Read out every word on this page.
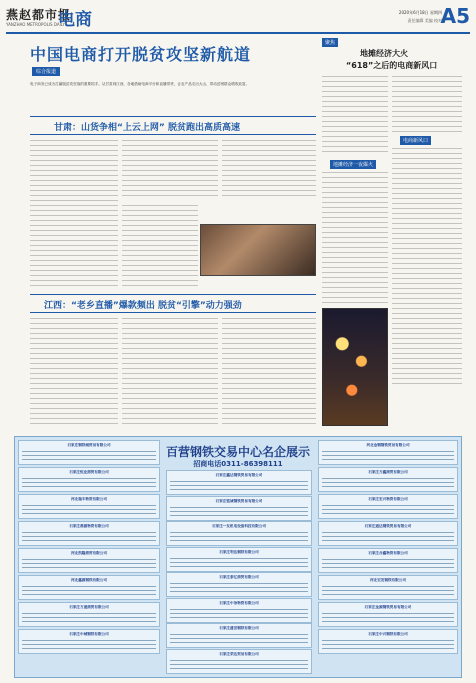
燕赵都市报
YANZHAO METROPOLIS DAILY
电商	2020年6月18日 星期四
责任编辑 美编 校对
A5
中国电商打开脱贫攻坚新航道
综合报道
电子商务已成为打赢脱贫攻坚战的重要抓手。从甘肃到江西，各地借助电商平台和直播带货，让农产品走出大山，带动贫困群众增收致富。
甘肃：山货争相“上云上网” 脱贫跑出高质高速
江西：“老乡直播”爆款频出 脱贫“引擎”动力强劲
聚焦
地摊经济大火
“618”之后的电商新风口
地摊经济一夜爆火
电商新风口
百营钢铁交易中心名企展示
招商电话0311-86398111
石家庄钢铁城贸易有限公司
石家庄鑫达钢铁贸易有限公司
河北金钢钢铁贸易有限公司
石家庄恒业商贸有限公司
石家庄铭诚钢铁贸易有限公司
石家庄万鑫商贸有限公司
河北瑞丰物资有限公司
石家庄一友机电设备科技有限公司
石家庄宏兴物资有限公司
石家庄鼎源物资有限公司
石家庄利达钢铁有限公司
石家庄通达钢铁贸易有限公司
河北凯隆商贸有限公司
石家庄泰亿商贸有限公司
石家庄合鑫物资有限公司
河北鑫源钢铁有限公司
石家庄中冶物资有限公司
河北宏发钢铁有限公司
石家庄万通商贸有限公司
石家庄盛世钢铁有限公司
石家庄金源钢铁贸易有限公司
石家庄中城钢铁有限公司
石家庄荣达贸易有限公司
石家庄中兴钢铁有限公司
